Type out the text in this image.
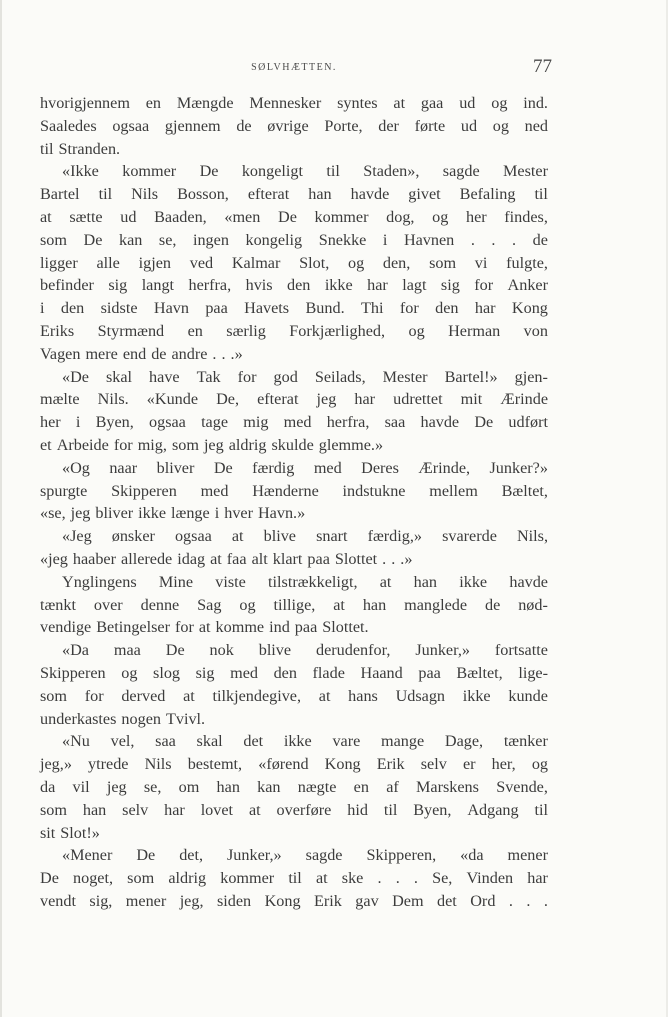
SØLVHÆTTEN.	77
hvorigjennem en Mængde Mennesker syntes at gaa ud og ind.
Saaledes ogsaa gjennem de øvrige Porte, der førte ud og ned
til Stranden.
«Ikke kommer De kongeligt til Staden», sagde Mester
Bartel til Nils Bosson, efterat han havde givet Befaling til
at sætte ud Baaden, «men De kommer dog, og her findes,
som De kan se, ingen kongelig Snekke i Havnen . . . de
ligger alle igjen ved Kalmar Slot, og den, som vi fulgte,
befinder sig langt herfra, hvis den ikke har lagt sig for Anker
i den sidste Havn paa Havets Bund. Thi for den har Kong
Eriks Styrmænd en særlig Forkjærlighed, og Herman von
Vagen mere end de andre . . .»
«De skal have Tak for god Seilads, Mester Bartel!» gjen-
mælte Nils. «Kunde De, efterat jeg har udrettet mit Ærinde
her i Byen, ogsaa tage mig med herfra, saa havde De udført
et Arbeide for mig, som jeg aldrig skulde glemme.»
«Og naar bliver De færdig med Deres Ærinde, Junker?»
spurgte Skipperen med Hænderne indstukne mellem Bæltet,
«se, jeg bliver ikke længe i hver Havn.»
«Jeg ønsker ogsaa at blive snart færdig,» svarerde Nils,
«jeg haaber allerede idag at faa alt klart paa Slottet . . .»
Ynglingens Mine viste tilstrækkeligt, at han ikke havde
tænkt over denne Sag og tillige, at han manglede de nød-
vendige Betingelser for at komme ind paa Slottet.
«Da maa De nok blive derudenfor, Junker,» fortsatte
Skipperen og slog sig med den flade Haand paa Bæltet, lige-
som for derved at tilkjendegive, at hans Udsagn ikke kunde
underkastes nogen Tvivl.
«Nu vel, saa skal det ikke vare mange Dage, tænker
jeg,» ytrede Nils bestemt, «førend Kong Erik selv er her, og
da vil jeg se, om han kan nægte en af Marskens Svende,
som han selv har lovet at overføre hid til Byen, Adgang til
sit Slot!»
«Mener De det, Junker,» sagde Skipperen, «da mener
De noget, som aldrig kommer til at ske . . . Se, Vinden har
vendt sig, mener jeg, siden Kong Erik gav Dem det Ord . . .
